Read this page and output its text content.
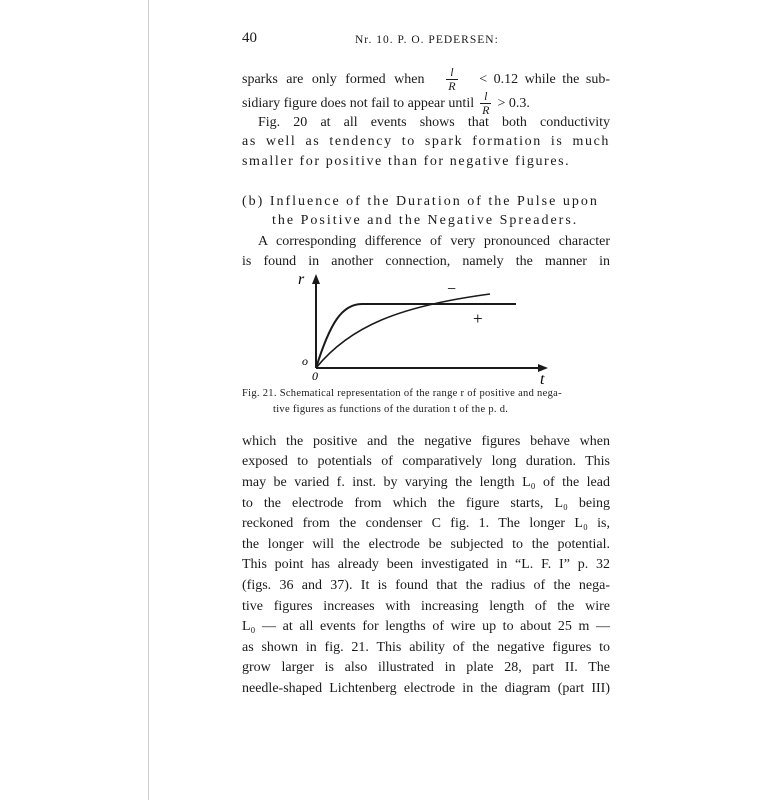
40	Nr. 10. P. O. PEDERSEN:
sparks are only formed when $\frac{l}{R} < 0.12$ while the sub-
sidiary figure does not fail to appear until $\frac{l}{R} > 0.3$.
Fig. 20 at all events shows that both conductivity
as well as tendency to spark formation is much
smaller for positive than for negative figures.
(b) Influence of the Duration of the Pulse upon
the Positive and the Negative Spreaders.
A corresponding difference of very pronounced character
is found in another connection, namely the manner in
r
t
o
0
−
+
Fig. 21. Schematical representation of the range r of positive and nega-
tive figures as functions of the duration t of the p. d.
which the positive and the negative figures behave when
exposed to potentials of comparatively long duration. This
may be varied f. inst. by varying the length L₀ of the lead
to the electrode from which the figure starts, L₀ being
reckoned from the condenser C fig. 1. The longer L₀ is,
the longer will the electrode be subjected to the potential.
This point has already been investigated in “L. F. I” p. 32
(figs. 36 and 37). It is found that the radius of the nega-
tive figures increases with increasing length of the wire
L₀ — at all events for lengths of wire up to about 25 m —
as shown in fig. 21. This ability of the negative figures to
grow larger is also illustrated in plate 28, part II. The
needle-shaped Lichtenberg electrode in the diagram (part III)
